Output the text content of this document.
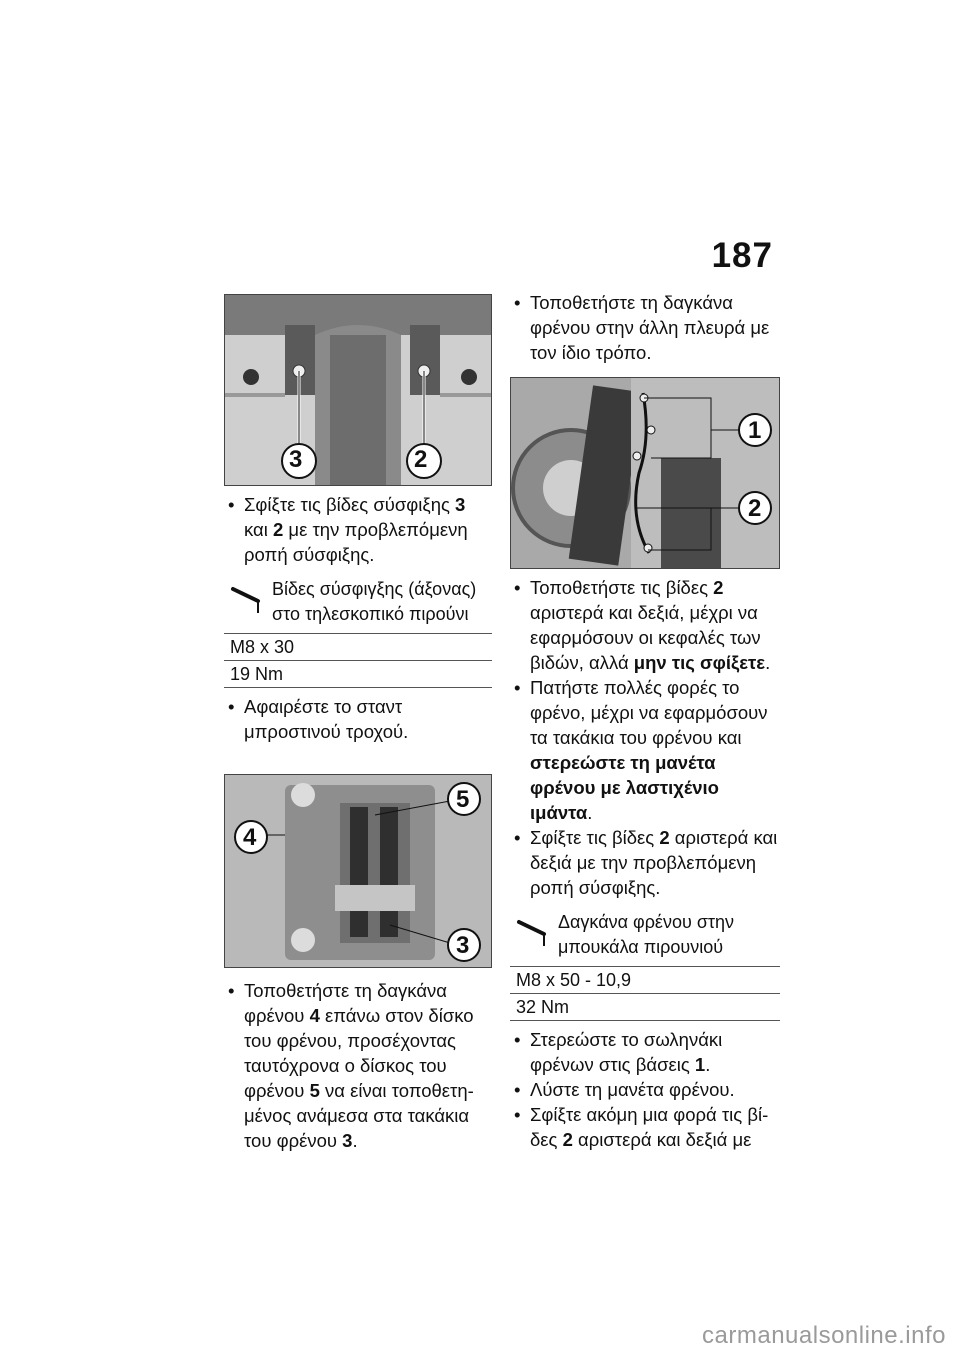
187
3	2
• Σφίξτε τις βίδες σύσφιξης 3 και 2 με την προβλεπόμενη ροπή σύσφιξης.
Βίδες σύσφιγξης (άξονας) στο τηλεσκοπικό πιρούνι
M8 x 30
19 Nm
• Αφαιρέστε το σταντ μπροστινού τροχού.
4
5
3
• Τοποθετήστε τη δαγκάνα φρένου 4 επάνω στον δίσκο του φρένου, προσέχοντας ταυτόχρονα ο δίσκος του φρένου 5 να είναι τοποθετη-μένος ανάμεσα στα τακάκια του φρένου 3.
• Τοποθετήστε τη δαγκάνα φρένου στην άλλη πλευρά με τον ίδιο τρόπο.
1
2
• Τοποθετήστε τις βίδες 2 αριστερά και δεξιά, μέχρι να εφαρμόσουν οι κεφαλές των βιδών, αλλά μην τις σφίξετε.
• Πατήστε πολλές φορές το φρένο, μέχρι να εφαρμόσουν τα τακάκια του φρένου και στερεώστε τη μανέτα φρένου με λαστιχένιο ιμάντα.
• Σφίξτε τις βίδες 2 αριστερά και δεξιά με την προβλεπόμενη ροπή σύσφιξης.
Δαγκάνα φρένου στην μπουκάλα πιρουνιού
M8 x 50 - 10,9
32 Nm
• Στερεώστε το σωληνάκι φρένων στις βάσεις 1.
• Λύστε τη μανέτα φρένου.
• Σφίξτε ακόμη μια φορά τις βί-δες 2 αριστερά και δεξιά με
carmanualsonline.info
